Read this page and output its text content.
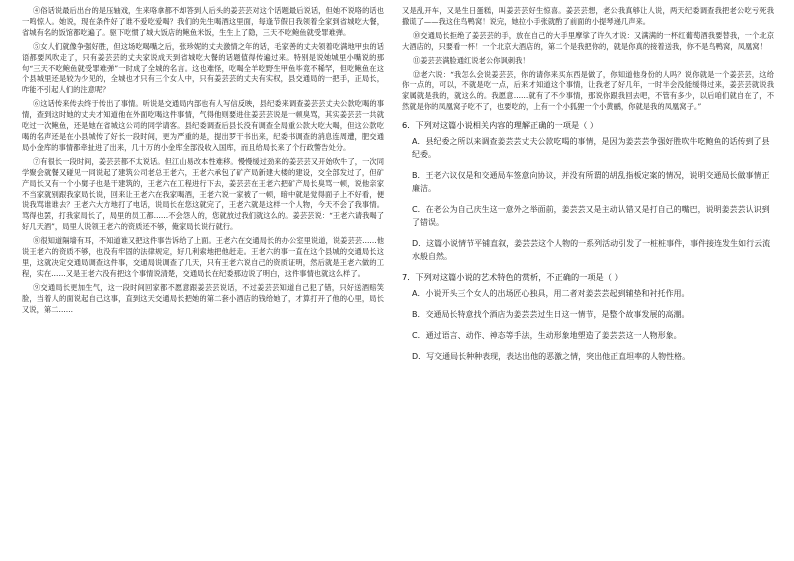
④俗话说最后出台的是压轴戏，生来咯拿都不却答到人后头的姜芸芸对这个话题最后说话，但她不说咯的话也一鸣惊人。她说，现在条件好了谁不爱吃爱喝？我们的先生喝酒这里面，每逢节假日我领着全家到省城吃大餐，省城有名的饭馆都吃遍了。驱下吃惯了城大饭店的鲍鱼米饭，生生上了隐，三天不吃鲍鱼就受罪难弹。

⑤女人们就像争强好胜，但这场吃喝嘴之后，张珍妮的丈夫激情之年的话，毛家善的丈夫领着吃满地甲虫的话语都要风吹走了，只有姜芸芸的丈夫家说成天到省城吃大餐的话题值得传遍过来。特别是说她城里小嘴说的那句“三天不吃鲍鱼就受罪难弹”一时成了全城的名言。这也难怪，吃喝全羊吃野生甲鱼毕竟不稀罕，但吃鲍鱼在这个县城里还是较为少见的，全城也才只有三个女人中，只有姜芸芸的丈夫有实权，县交通局的一把手，正局长，咋能不引起人们的注意呢？

⑥这话传来传去终于传出了事情。听说是交通局内部也有人写信反映，县纪委来调查姜芸芸丈夫公款吃喝的事情，查到这时她的丈夫才知道他在外面吃喝这件事情，气得他则要进住姜芸芸说是一顿臭骂，其实姜芸芸一共就吃过一次鲍鱼，还是她在省城这公司的同学请客。县纪委调查后县长没有调查全局重公款大吃大喝，但这公款吃喝的名声还是在小县城传了好长一段时间，更为严重的是，提出罗干书出来，纪委书调查的消息连周遭，肥交通局小金库的事情都牵扯进了出来，几十万的小金库全部没收入国库，而且给局长来了个行政警告处分。

⑦有很长一段时间，姜芸芸都不太说话。但江山易改本性难移。慢慢缓过劲来的姜芸芸又开始吹牛了，一次同学聚会就餐又碰见一同说起了建筑公司老总王老六，王老六承包了矿产局新建大楼的建设，交全部发过了，但矿产局长又有一个小舅子也是干建筑的，王老六在工程进行下去，姜芸芸在王老六把矿产局长臭骂一顿，说他亲家不当家就别跟我家局长说，回来让王老六在我家喝酒，王老六说一家被了一顿，暗中就是觉得面子上不好看，便说我骂谁谁去？王老六大方地打了电话，说局长在您这就完了，王老六就是这样一个人物，今天不会了我事情。骂得也罢，打我家局长了，局里的员工都……不会怨人的，您就放过我们就这么的。姜芸芸说：“王老六请我喝了好几天酒”，局里人说领王老六的资质还不够，俺家局长说行就行。

⑧很知道隔墙有耳，不知道谁又把这件事告诉给了上面。王老六在交通局长的办公室里说道，说姜芸芸……他说王老六的资质不够，也没有牢固的法律规定，好几利索地把他赶走。王老六的事一直在这个县城的交通局长这里，这就决定交通局调查这件事，交通局说调查了几天，只有王老六说自己的资质证明，然后就是王老六做的工程，实在……又是王老六没有把这个事情说清楚，交通局长在纪委那边说了明白，这件事情也就这么样了。

⑨交通局长更加生气，这一段时间回家都不愿意跟姜芸芸说话，不过姜芸芸知道自己犯了错，只好送酒赔笑脸，当着人的面说起自己这事，直到这天交通局长把她的第二套小酒店的钱给她了，才算打开了他的心里，局长又说，第二……

又是乱开车，又是生日蛋糕，叫姜芸芸好生惊喜。姜芸芸想，老公我真够让人说，两天纪委调查我把老公吃亏死我撒谎了——我这住鸟鸭窝！说完，她拉小手张就酌了前面的小提琴递几声来。

⑩交通局长拒绝了姜芸芸的手，放在自己的大手里摩挲了许久才说：又满满的一杯红葡萄酒我要替我，一个北京大酒店的，只要看一杯！一个北京大酒店的，第二个是我把你的，就是你真的接着送我，你不是鸟鸭窝，凤凰窝！

⑪姜芸芸满脸通红说老公你讽刺我！

⑫老六说：“我怎么会说姜芸芸，你的请你来买东西是做了，你知道他身份的人吗？说你就是一个姜芸芸，这给你一点的，可以，不就是吃一点，后来才知道这个事情，让我老了好几年，一时半会没能缓得过来，姜芸芸就说我家属就是我的，就这么的。我愿意……就有了不少事情，那说你跟我回去吧，不管有多少，以后咱们就自在了，不然就是你的凤凰窝子吃不了，也要吃的，上有一个小狐狸一个小黄鹂，你就是我的凤凰窝子。”

6．下列对这篇小说相关内容的理解正确的一项是（ ）

A．县纪委之所以来调查姜芸芸丈夫公款吃喝的事情，是因为姜芸芸争强好胜吹牛吃鲍鱼的话传到了县纪委。

B．王老六议仅是和交通局车签意向协议，并没有所谓的胡乱指板定案的情况，说明交通局长做事情正廉洁。

C．在老公为自己庆生这一意外之举面前，姜芸芸又是主动认错又是打自己的嘴巴，说明姜芸芸认识到了错误。

D．这篇小说情节平铺直叙，姜芸芸这个人物的一系列活动引发了一桩桩事件，事件接连发生如行云流水般自然。

7．下列对这篇小说的艺术特色的赏析，不正确的一项是（ ）

A．小说开头三个女人的出场匠心独具，用二者对姜芸芸起到辅垫和衬托作用。

B．交通局长特意找个酒店为姜芸芸过生日这一情节，是整个故事发展的高潮。

C．通过语言、动作、神态等手法，生动形象地塑造了姜芸芸这一人物形象。

D．写交通局长种种表现，表达出他的恶激之情，突出他正直坦率的人物性格。
